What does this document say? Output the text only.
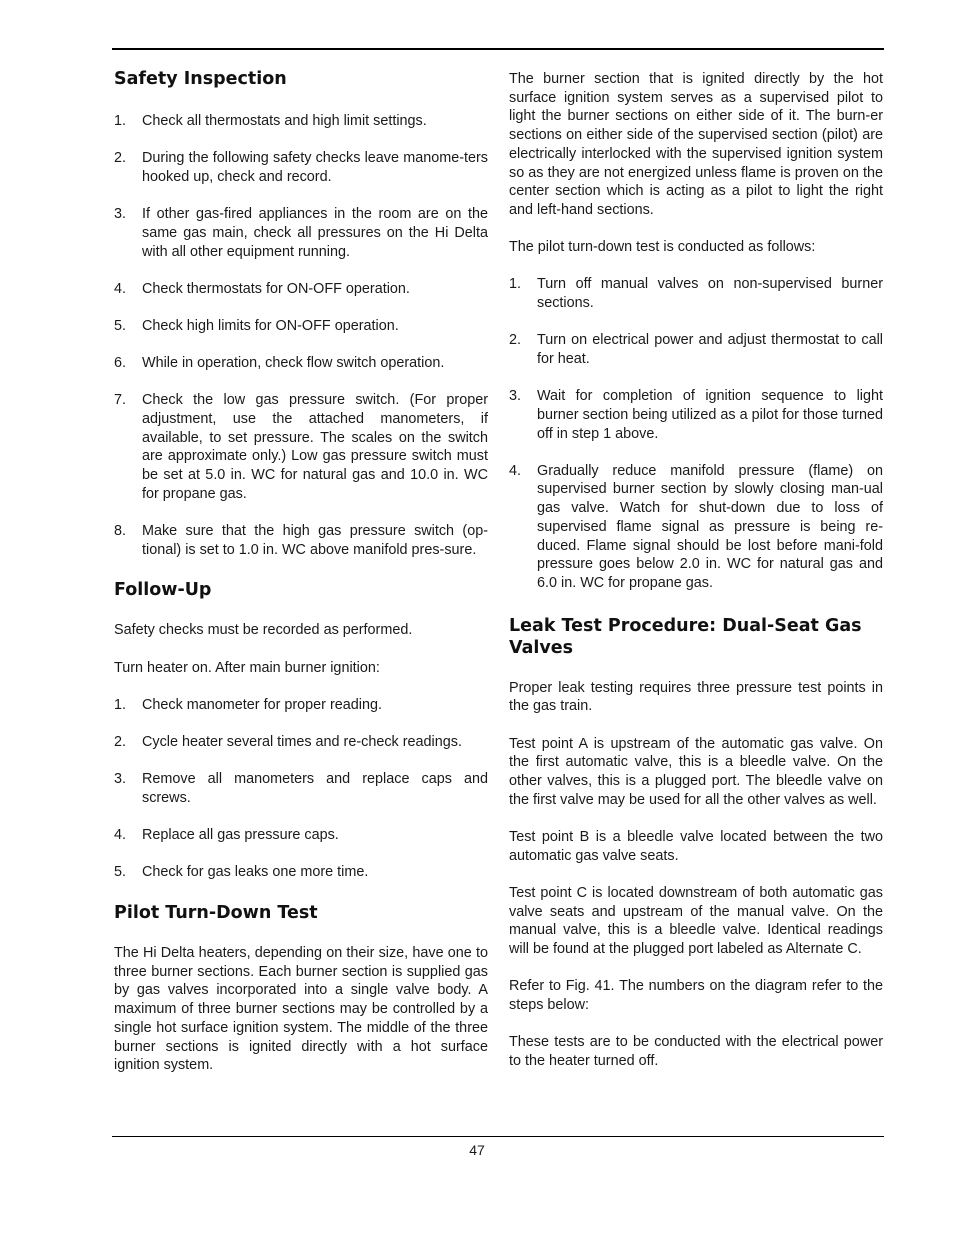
Safety Inspection
1. Check all thermostats and high limit settings.
2. During the following safety checks leave manome-ters hooked up, check and record.
3. If other gas-fired appliances in the room are on the same gas main, check all pressures on the Hi Delta with all other equipment running.
4. Check thermostats for ON-OFF operation.
5. Check high limits for ON-OFF operation.
6. While in operation, check flow switch operation.
7. Check the low gas pressure switch. (For proper adjustment, use the attached manometers, if available, to set pressure. The scales on the switch are approximate only.) Low gas pressure switch must be set at 5.0 in. WC for natural gas and 10.0 in. WC for propane gas.
8. Make sure that the high gas pressure switch (op-tional) is set to 1.0 in. WC above manifold pres-sure.
Follow-Up

Safety checks must be recorded as performed.

Turn heater on. After main burner ignition:

1. Check manometer for proper reading.
2. Cycle heater several times and re-check readings.
3. Remove all manometers and replace caps and screws.
4. Replace all gas pressure caps.
5. Check for gas leaks one more time.
Pilot Turn-Down Test

The Hi Delta heaters, depending on their size, have one to three burner sections. Each burner section is supplied gas by gas valves incorporated into a single valve body. A maximum of three burner sections may be controlled by a single hot surface ignition system. The middle of the three burner sections is ignited directly with a hot surface ignition system.

The burner section that is ignited directly by the hot surface ignition system serves as a supervised pilot to light the burner sections on either side of it. The burn-er sections on either side of the supervised section (pilot) are electrically interlocked with the supervised ignition system so as they are not energized unless flame is proven on the center section which is acting as a pilot to light the right and left-hand sections.

The pilot turn-down test is conducted as follows:

1. Turn off manual valves on non-supervised burner sections.
2. Turn on electrical power and adjust thermostat to call for heat.
3. Wait for completion of ignition sequence to light burner section being utilized as a pilot for those turned off in step 1 above.
4. Gradually reduce manifold pressure (flame) on supervised burner section by slowly closing man-ual gas valve. Watch for shut-down due to loss of supervised flame signal as pressure is being re-duced. Flame signal should be lost before mani-fold pressure goes below 2.0 in. WC for natural gas and 6.0 in. WC for propane gas.
Leak Test Procedure: Dual-Seat Gas Valves

Proper leak testing requires three pressure test points in the gas train.

Test point A is upstream of the automatic gas valve. On the first automatic valve, this is a bleedle valve. On the other valves, this is a plugged port. The bleedle valve on the first valve may be used for all the other valves as well.

Test point B is a bleedle valve located between the two automatic gas valve seats.

Test point C is located downstream of both automatic gas valve seats and upstream of the manual valve. On the manual valve, this is a bleedle valve. Identical readings will be found at the plugged port labeled as Alternate C.

Refer to Fig. 41. The numbers on the diagram refer to the steps below:

These tests are to be conducted with the electrical power to the heater turned off.

47
